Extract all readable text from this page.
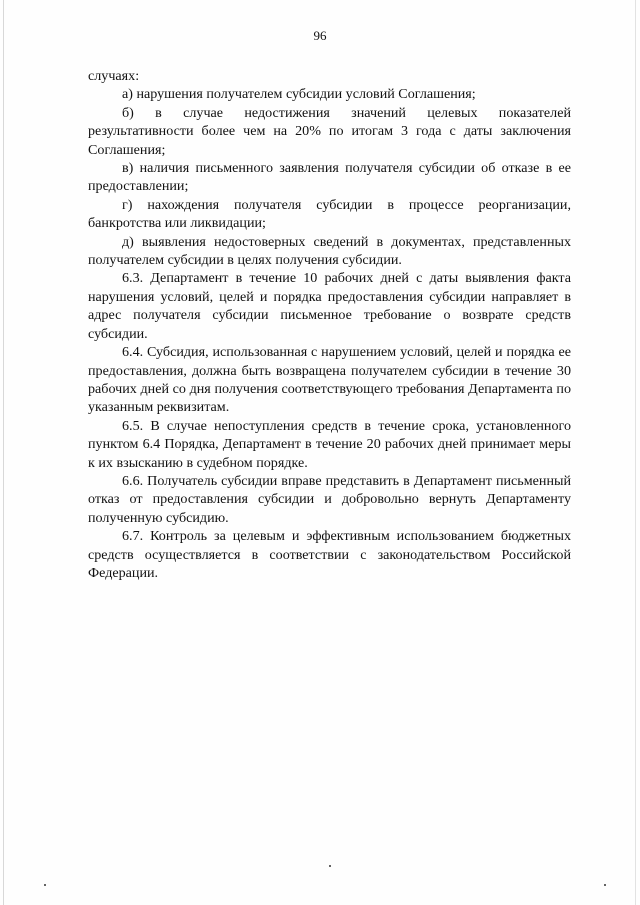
96

случаях:

а) нарушения получателем субсидии условий Соглашения;

б) в случае недостижения значений целевых показателей результативности более чем на 20% по итогам 3 года с даты заключения Соглашения;

в) наличия письменного заявления получателя субсидии об отказе в ее предоставлении;

г) нахождения получателя субсидии в процессе реорганизации, банкротства или ликвидации;

д) выявления недостоверных сведений в документах, представленных получателем субсидии в целях получения субсидии.

6.3. Департамент в течение 10 рабочих дней с даты выявления факта нарушения условий, целей и порядка предоставления субсидии направляет в адрес получателя субсидии письменное требование о возврате средств субсидии.

6.4. Субсидия, использованная с нарушением условий, целей и порядка ее предоставления, должна быть возвращена получателем субсидии в течение 30 рабочих дней со дня получения соответствующего требования Департамента по указанным реквизитам.

6.5. В случае непоступления средств в течение срока, установленного пунктом 6.4 Порядка, Департамент в течение 20 рабочих дней принимает меры к их взысканию в судебном порядке.

6.6. Получатель субсидии вправе представить в Департамент письменный отказ от предоставления субсидии и добровольно вернуть Департаменту полученную субсидию.

6.7. Контроль за целевым и эффективным использованием бюджетных средств осуществляется в соответствии с законодательством Российской Федерации.
